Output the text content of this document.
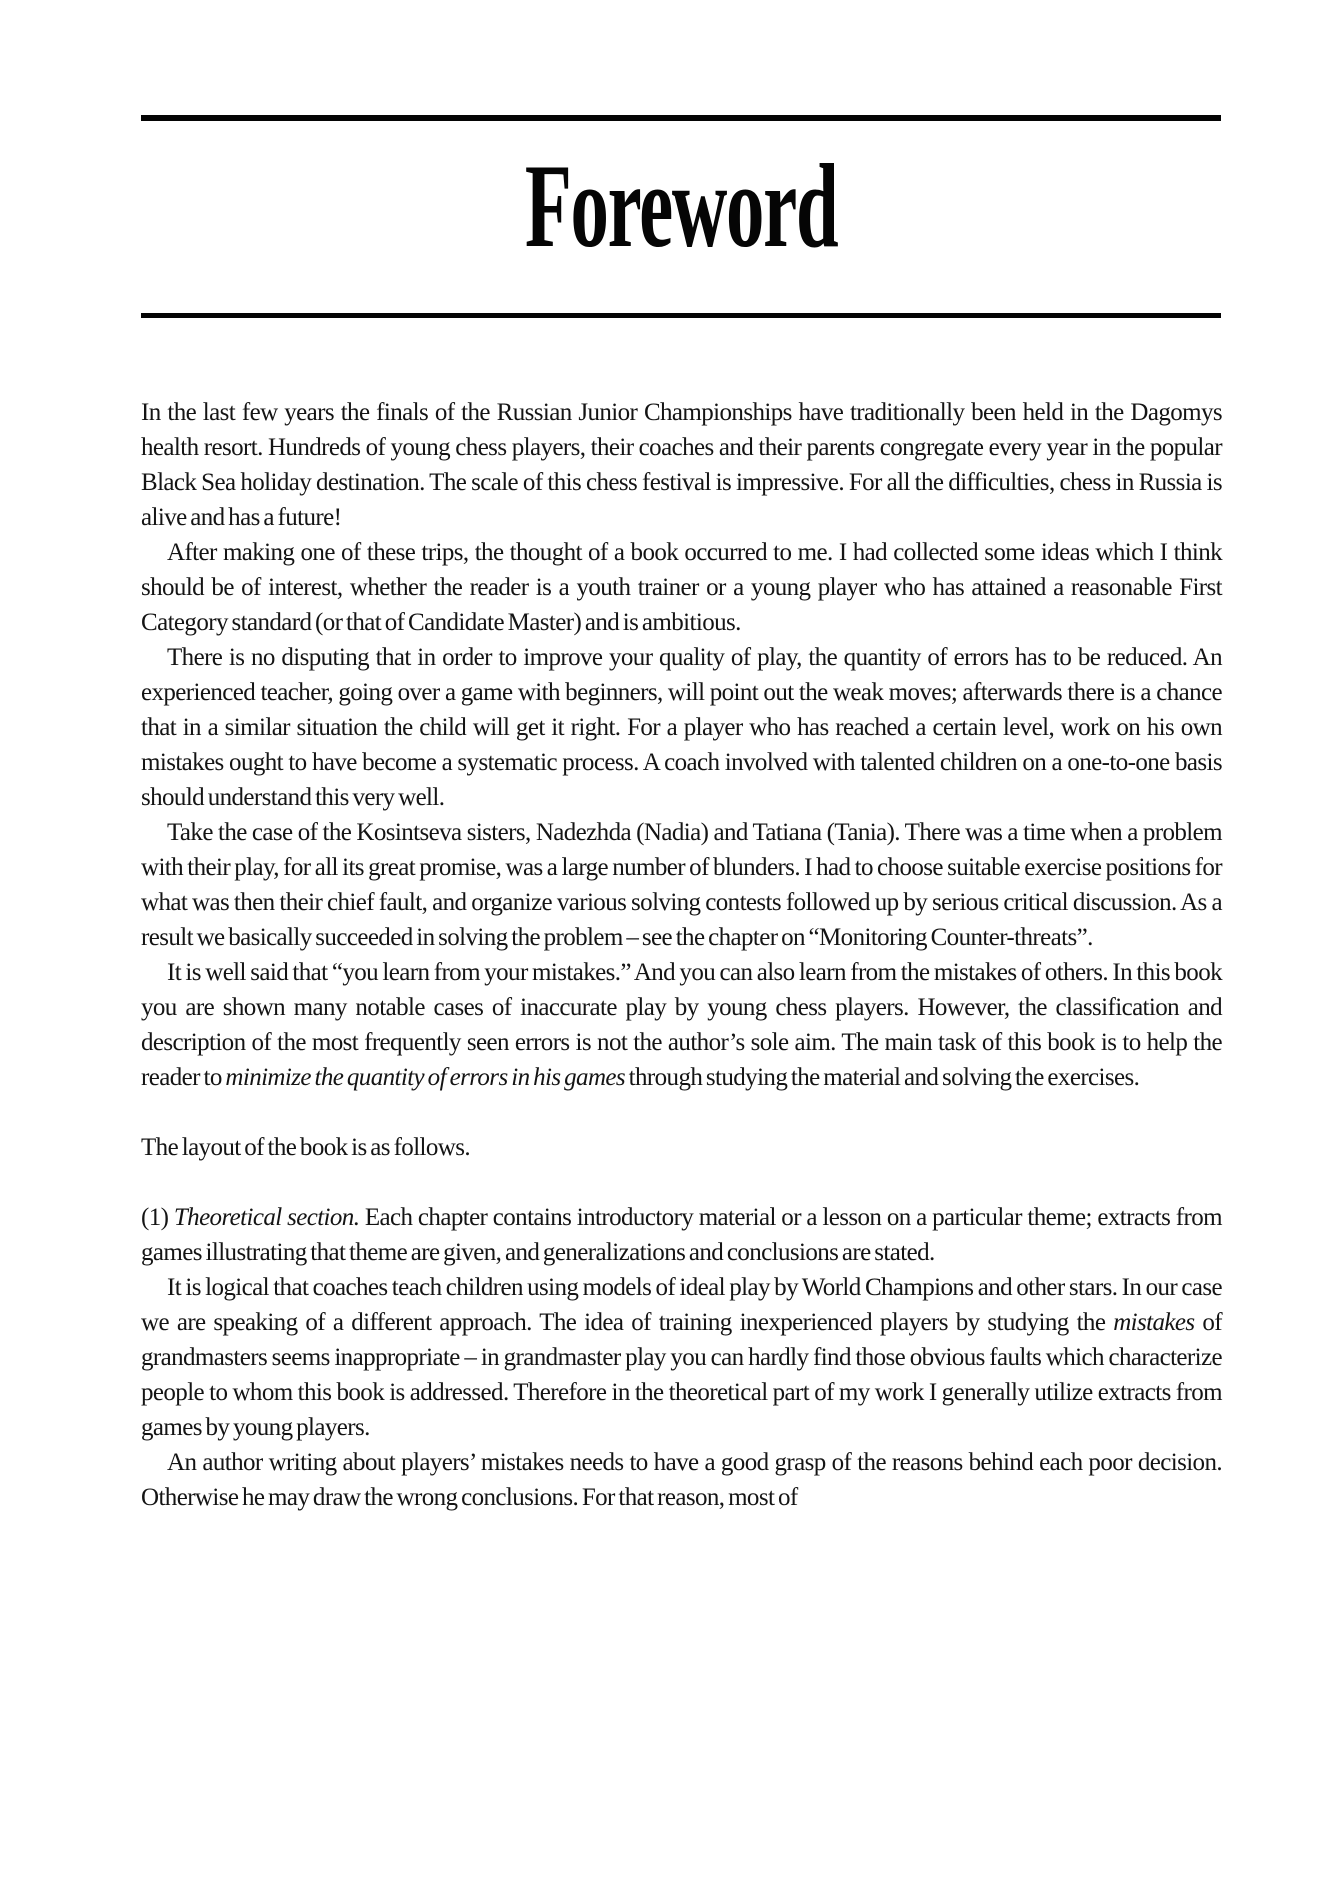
Foreword

In the last few years the finals of the Russian Junior Championships have traditionally been held in the Dagomys health resort. Hundreds of young chess players, their coaches and their parents congregate every year in the popular Black Sea holiday destination. The scale of this chess festival is impressive. For all the difficulties, chess in Russia is alive and has a future!

After making one of these trips, the thought of a book occurred to me. I had collected some ideas which I think should be of interest, whether the reader is a youth trainer or a young player who has attained a reasonable First Category standard (or that of Candidate Master) and is ambitious.

There is no disputing that in order to improve your quality of play, the quantity of errors has to be reduced. An experienced teacher, going over a game with beginners, will point out the weak moves; afterwards there is a chance that in a similar situation the child will get it right. For a player who has reached a certain level, work on his own mistakes ought to have become a systematic process. A coach involved with talented children on a one-to-one basis should understand this very well.

Take the case of the Kosintseva sisters, Nadezhda (Nadia) and Tatiana (Tania). There was a time when a problem with their play, for all its great promise, was a large number of blunders. I had to choose suitable exercise positions for what was then their chief fault, and organize various solving contests followed up by serious critical discussion. As a result we basically succeeded in solving the problem – see the chapter on “Monitoring Counter-threats”.

It is well said that “you learn from your mistakes.” And you can also learn from the mistakes of others. In this book you are shown many notable cases of inaccurate play by young chess players. However, the classification and description of the most frequently seen errors is not the author’s sole aim. The main task of this book is to help the reader to minimize the quantity of errors in his games through studying the material and solving the exercises.

The layout of the book is as follows.

(1) Theoretical section. Each chapter contains introductory material or a lesson on a particular theme; extracts from games illustrating that theme are given, and generalizations and conclusions are stated.

It is logical that coaches teach children using models of ideal play by World Champions and other stars. In our case we are speaking of a different approach. The idea of training inexperienced players by studying the mistakes of grandmasters seems inappropriate – in grandmaster play you can hardly find those obvious faults which characterize people to whom this book is addressed. Therefore in the theoretical part of my work I generally utilize extracts from games by young players.

An author writing about players’ mistakes needs to have a good grasp of the reasons behind each poor decision. Otherwise he may draw the wrong conclusions. For that reason, most of
